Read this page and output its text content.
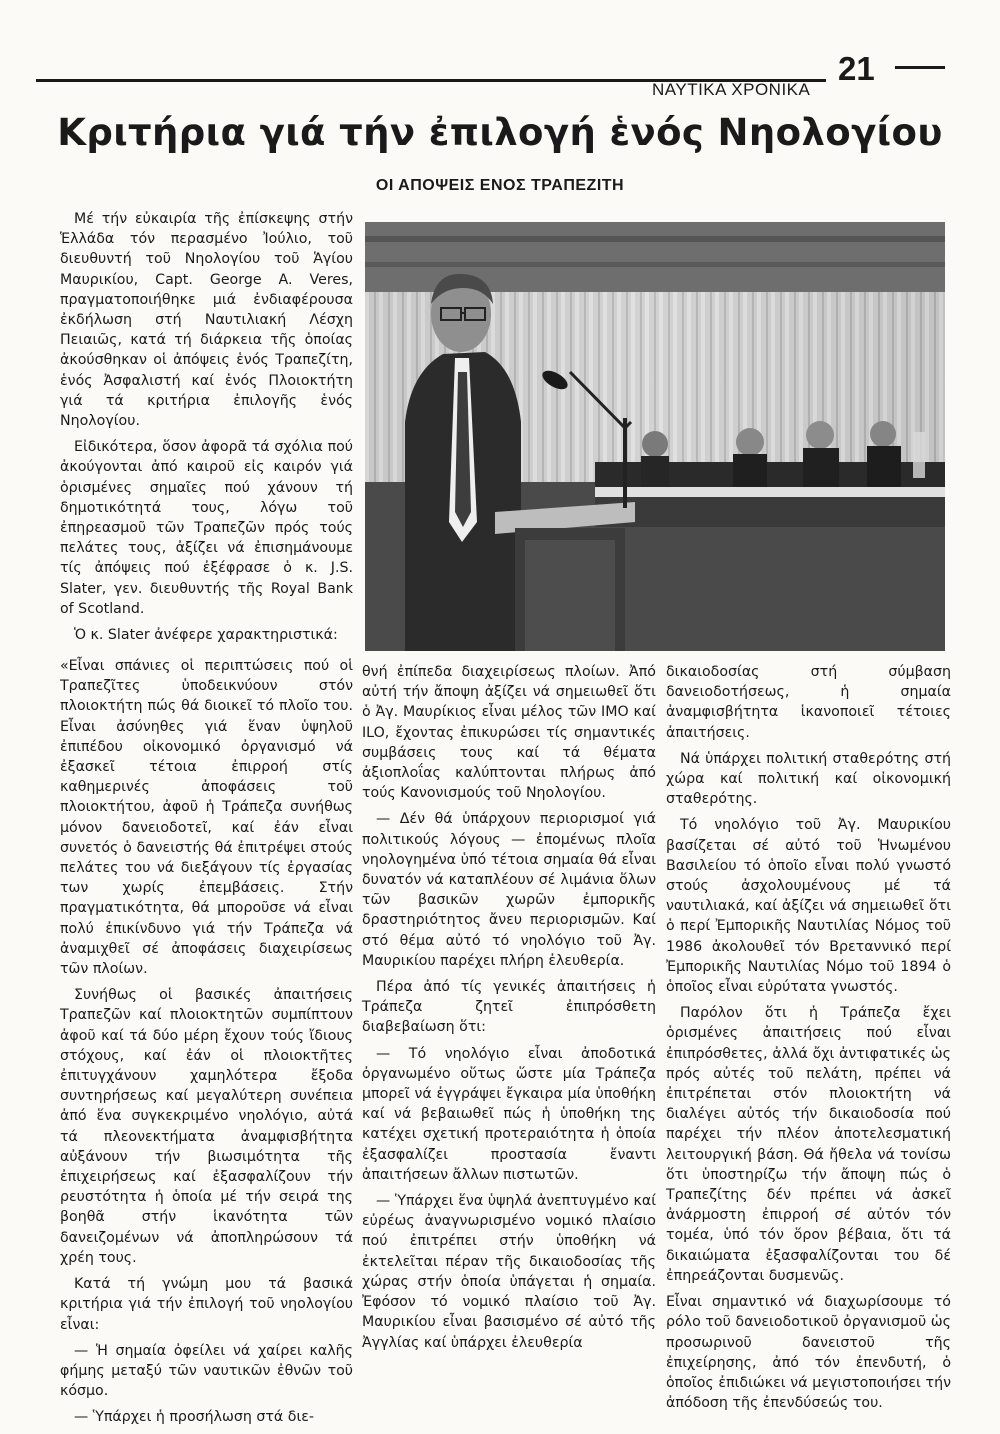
ΝΑΥΤΙΚΑ ΧΡΟΝΙΚΑ
21
Κριτήρια γιά τήν ἐπιλογή ἑνός Νηολογίου
ΟΙ ΑΠΟΨΕΙΣ ΕΝΟΣ ΤΡΑΠΕΖΙΤΗ

Μέ τήν εὐκαιρία τῆς ἐπίσκεψης στήν Ἑλλάδα τόν περασμένο Ἰούλιο, τοῦ διευθυντή τοῦ Νηολογίου τοῦ Ἁγίου Μαυρικίου, Capt. George A. Veres, πραγματοποιήθηκε μιά ἐνδιαφέρουσα ἐκδήλωση στή Ναυτιλιακή Λέσχη Πειαιῶς, κατά τή διάρκεια τῆς ὁποίας ἀκούσθηκαν οἱ ἀπόψεις ἑνός Τραπεζίτη, ἑνός Ἀσφαλιστή καί ἑνός Πλοιοκτήτη γιά τά κριτήρια ἐπιλογῆς ἑνός Νηολογίου.

Εἰδικότερα, ὅσον ἀφορᾶ τά σχόλια πού ἀκούγονται ἀπό καιροῦ εἰς καιρόν γιά ὁρισμένες σημαῖες πού χάνουν τή δημοτικότητά τους, λόγω τοῦ ἐπηρεασμοῦ τῶν Τραπεζῶν πρός τούς πελάτες τους, ἀξίζει νά ἐπισημάνουμε τίς ἀπόψεις πού ἐξέφρασε ὁ κ. J.S. Slater, γεν. διευθυντής τῆς Royal Bank of Scotland.

Ὁ κ. Slater ἀνέφερε χαρακτηριστικά:

«Εἶναι σπάνιες οἱ περιπτώσεις πού οἱ Τραπεζῖτες ὑποδεικνύουν στόν πλοιοκτήτη πώς θά διοικεῖ τό πλοῖο του. Εἶναι ἀσύνηθες γιά ἕναν ὑψηλοῦ ἐπιπέδου οἰκονομικό ὀργανισμό νά ἐξασκεῖ τέτοια ἐπιρροή στίς καθημερινές ἀποφάσεις τοῦ πλοιοκτήτου, ἀφοῦ ἡ Τράπεζα συνήθως μόνον δανειοδοτεῖ, καί ἐάν εἶναι συνετός ὁ δανειστής θά ἐπιτρέψει στούς πελάτες του νά διεξάγουν τίς ἐργασίας των χωρίς ἐπεμβάσεις. Στήν πραγματικότητα, θά μποροῦσε νά εἶναι πολύ ἐπικίνδυνο γιά τήν Τράπεζα νά ἀναμιχθεῖ σέ ἀποφάσεις διαχειρίσεως τῶν πλοίων.

Συνήθως οἱ βασικές ἀπαιτήσεις Τραπεζῶν καί πλοιοκτητῶν συμπίπτουν ἀφοῦ καί τά δύο μέρη ἔχουν τούς ἴδιους στόχους, καί ἐάν οἱ πλοιοκτῆτες ἐπιτυγχάνουν χαμηλότερα ἔξοδα συντηρήσεως καί μεγαλύτερη συνέπεια ἀπό ἕνα συγκεκριμένο νηολόγιο, αὐτά τά πλεονεκτήματα ἀναμφισβήτητα αὐξάνουν τήν βιωσιμότητα τῆς ἐπιχειρήσεως καί ἐξασφαλίζουν τήν ρευστότητα ἡ ὁποία μέ τήν σειρά της βοηθᾶ στήν ἱκανότητα τῶν δανειζομένων νά ἀποπληρώσουν τά χρέη τους.

Κατά τή γνώμη μου τά βασικά κριτήρια γιά τήν ἐπιλογή τοῦ νηολογίου εἶναι:

— Ἡ σημαία ὀφείλει νά χαίρει καλῆς φήμης μεταξύ τῶν ναυτικῶν ἐθνῶν τοῦ κόσμο.

— Ὑπάρχει ἡ προσήλωση στά διε-

θνή ἐπίπεδα διαχειρίσεως πλοίων. Ἀπό αὐτή τήν ἄποψη ἀξίζει νά σημειωθεῖ ὅτι ὁ Ἀγ. Μαυρίκιος εἶναι μέλος τῶν IMO καί ILO, ἔχοντας ἐπικυρώσει τίς σημαντικές συμβάσεις τους καί τά θέματα ἀξιοπλοΐας καλύπτονται πλήρως ἀπό τούς Κανονισμούς τοῦ Νηολογίου.

— Δέν θά ὑπάρχουν περιορισμοί γιά πολιτικούς λόγους — ἐπομένως πλοῖα νηολογημένα ὑπό τέτοια σημαία θά εἶναι δυνατόν νά καταπλέουν σέ λιμάνια ὅλων τῶν βασικῶν χωρῶν ἐμπορικῆς δραστηριότητος ἄνευ περιορισμῶν. Καί στό θέμα αὐτό τό νηολόγιο τοῦ Ἀγ. Μαυρικίου παρέχει πλήρη ἐλευθερία.

Πέρα ἀπό τίς γενικές ἀπαιτήσεις ἡ Τράπεζα ζητεῖ ἐπιπρόσθετη διαβεβαίωση ὅτι:

— Τό νηολόγιο εἶναι ἀποδοτικά ὀργανωμένο οὕτως ὥστε μία Τράπεζα μπορεῖ νά ἐγγράψει ἔγκαιρα μία ὑποθήκη καί νά βεβαιωθεῖ πώς ἡ ὑποθήκη της κατέχει σχετική προτεραιότητα ἡ ὁποία ἐξασφαλίζει προστασία ἔναντι ἀπαιτήσεων ἄλλων πιστωτῶν.

— Ὑπάρχει ἕνα ὑψηλά ἀνεπτυγμένο καί εὐρέως ἀναγνωρισμένο νομικό πλαίσιο πού ἐπιτρέπει στήν ὑποθήκη νά ἐκτελεῖται πέραν τῆς δικαιοδοσίας τῆς χώρας στήν ὁποία ὑπάγεται ἡ σημαία. Ἐφόσον τό νομικό πλαίσιο τοῦ Ἀγ. Μαυρικίου εἶναι βασισμένο σέ αὐτό τῆς Ἀγγλίας καί ὑπάρχει ἐλευθερία

δικαιοδοσίας στή σύμβαση δανειοδοτήσεως, ἡ σημαία ἀναμφισβήτητα ἱκανοποιεῖ τέτοιες ἀπαιτήσεις.

Νά ὑπάρχει πολιτική σταθερότης στή χώρα καί πολιτική καί οἰκονομική σταθερότης.

Τό νηολόγιο τοῦ Ἀγ. Μαυρικίου βασίζεται σέ αὐτό τοῦ Ἡνωμένου Βασιλείου τό ὁποῖο εἶναι πολύ γνωστό στούς ἀσχολουμένους μέ τά ναυτιλιακά, καί ἀξίζει νά σημειωθεῖ ὅτι ὁ περί Ἐμπορικῆς Ναυτιλίας Νόμος τοῦ 1986 ἀκολουθεῖ τόν Βρεταννικό περί Ἐμπορικῆς Ναυτιλίας Νόμο τοῦ 1894 ὁ ὁποῖος εἶναι εὐρύτατα γνωστός.

Παρόλον ὅτι ἡ Τράπεζα ἔχει ὁρισμένες ἀπαιτήσεις πού εἶναι ἐπιπρόσθετες, ἀλλά ὄχι ἀντιφατικές ὡς πρός αὐτές τοῦ πελάτη, πρέπει νά ἐπιτρέπεται στόν πλοιοκτήτη νά διαλέγει αὐτός τήν δικαιοδοσία πού παρέχει τήν πλέον ἀποτελεσματική λειτουργική βάση. Θά ἤθελα νά τονίσω ὅτι ὑποστηρίζω τήν ἄποψη πώς ὁ Τραπεζίτης δέν πρέπει νά ἀσκεῖ ἀνάρμοστη ἐπιρροή σέ αὐτόν τόν τομέα, ὑπό τόν ὅρον βέβαια, ὅτι τά δικαιώματα ἐξασφαλίζονται του δέ ἐπηρεάζονται δυσμενῶς.

Εἶναι σημαντικό νά διαχωρίσουμε τό ρόλο τοῦ δανειοδοτικοῦ ὀργανισμοῦ ὡς προσωρινοῦ δανειστοῦ τῆς ἐπιχείρησης, ἀπό τόν ἐπενδυτή, ὁ ὁποῖος ἐπιδιώκει νά μεγιστοποιήσει τήν ἀπόδοση τῆς ἐπενδύσεώς του.
